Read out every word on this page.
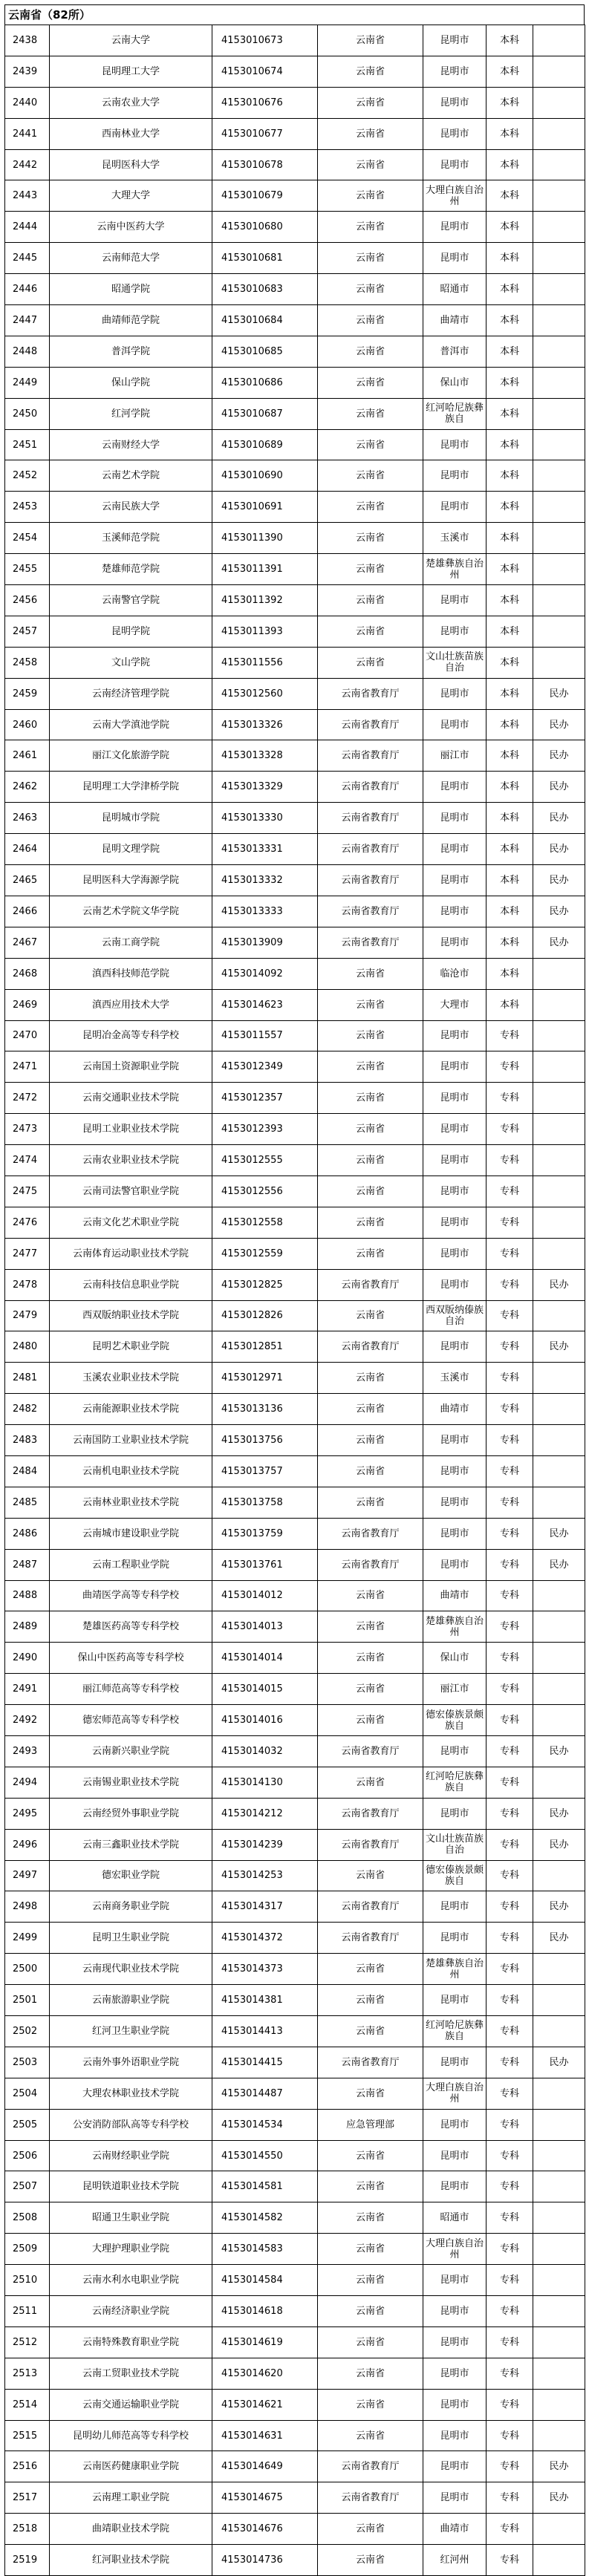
云南省（82所）
2438	云南大学	4153010673	云南省	昆明市	本科	
2439	昆明理工大学	4153010674	云南省	昆明市	本科	
2440	云南农业大学	4153010676	云南省	昆明市	本科	
2441	西南林业大学	4153010677	云南省	昆明市	本科	
2442	昆明医科大学	4153010678	云南省	昆明市	本科	
2443	大理大学	4153010679	云南省	大理白族自治州	本科	
2444	云南中医药大学	4153010680	云南省	昆明市	本科	
2445	云南师范大学	4153010681	云南省	昆明市	本科	
2446	昭通学院	4153010683	云南省	昭通市	本科	
2447	曲靖师范学院	4153010684	云南省	曲靖市	本科	
2448	普洱学院	4153010685	云南省	普洱市	本科	
2449	保山学院	4153010686	云南省	保山市	本科	
2450	红河学院	4153010687	云南省	红河哈尼族彝族自	本科	
2451	云南财经大学	4153010689	云南省	昆明市	本科	
2452	云南艺术学院	4153010690	云南省	昆明市	本科	
2453	云南民族大学	4153010691	云南省	昆明市	本科	
2454	玉溪师范学院	4153011390	云南省	玉溪市	本科	
2455	楚雄师范学院	4153011391	云南省	楚雄彝族自治州	本科	
2456	云南警官学院	4153011392	云南省	昆明市	本科	
2457	昆明学院	4153011393	云南省	昆明市	本科	
2458	文山学院	4153011556	云南省	文山壮族苗族自治	本科	
2459	云南经济管理学院	4153012560	云南省教育厅	昆明市	本科	民办
2460	云南大学滇池学院	4153013326	云南省教育厅	昆明市	本科	民办
2461	丽江文化旅游学院	4153013328	云南省教育厅	丽江市	本科	民办
2462	昆明理工大学津桥学院	4153013329	云南省教育厅	昆明市	本科	民办
2463	昆明城市学院	4153013330	云南省教育厅	昆明市	本科	民办
2464	昆明文理学院	4153013331	云南省教育厅	昆明市	本科	民办
2465	昆明医科大学海源学院	4153013332	云南省教育厅	昆明市	本科	民办
2466	云南艺术学院文华学院	4153013333	云南省教育厅	昆明市	本科	民办
2467	云南工商学院	4153013909	云南省教育厅	昆明市	本科	民办
2468	滇西科技师范学院	4153014092	云南省	临沧市	本科	
2469	滇西应用技术大学	4153014623	云南省	大理市	本科	
2470	昆明冶金高等专科学校	4153011557	云南省	昆明市	专科	
2471	云南国土资源职业学院	4153012349	云南省	昆明市	专科	
2472	云南交通职业技术学院	4153012357	云南省	昆明市	专科	
2473	昆明工业职业技术学院	4153012393	云南省	昆明市	专科	
2474	云南农业职业技术学院	4153012555	云南省	昆明市	专科	
2475	云南司法警官职业学院	4153012556	云南省	昆明市	专科	
2476	云南文化艺术职业学院	4153012558	云南省	昆明市	专科	
2477	云南体育运动职业技术学院	4153012559	云南省	昆明市	专科	
2478	云南科技信息职业学院	4153012825	云南省教育厅	昆明市	专科	民办
2479	西双版纳职业技术学院	4153012826	云南省	西双版纳傣族自治	专科	
2480	昆明艺术职业学院	4153012851	云南省教育厅	昆明市	专科	民办
2481	玉溪农业职业技术学院	4153012971	云南省	玉溪市	专科	
2482	云南能源职业技术学院	4153013136	云南省	曲靖市	专科	
2483	云南国防工业职业技术学院	4153013756	云南省	昆明市	专科	
2484	云南机电职业技术学院	4153013757	云南省	昆明市	专科	
2485	云南林业职业技术学院	4153013758	云南省	昆明市	专科	
2486	云南城市建设职业学院	4153013759	云南省教育厅	昆明市	专科	民办
2487	云南工程职业学院	4153013761	云南省教育厅	昆明市	专科	民办
2488	曲靖医学高等专科学校	4153014012	云南省	曲靖市	专科	
2489	楚雄医药高等专科学校	4153014013	云南省	楚雄彝族自治州	专科	
2490	保山中医药高等专科学校	4153014014	云南省	保山市	专科	
2491	丽江师范高等专科学校	4153014015	云南省	丽江市	专科	
2492	德宏师范高等专科学校	4153014016	云南省	德宏傣族景颇族自	专科	
2493	云南新兴职业学院	4153014032	云南省教育厅	昆明市	专科	民办
2494	云南锡业职业技术学院	4153014130	云南省	红河哈尼族彝族自	专科	
2495	云南经贸外事职业学院	4153014212	云南省教育厅	昆明市	专科	民办
2496	云南三鑫职业技术学院	4153014239	云南省教育厅	文山壮族苗族自治	专科	民办
2497	德宏职业学院	4153014253	云南省	德宏傣族景颇族自	专科	
2498	云南商务职业学院	4153014317	云南省教育厅	昆明市	专科	民办
2499	昆明卫生职业学院	4153014372	云南省教育厅	昆明市	专科	民办
2500	云南现代职业技术学院	4153014373	云南省	楚雄彝族自治州	专科	
2501	云南旅游职业学院	4153014381	云南省	昆明市	专科	
2502	红河卫生职业学院	4153014413	云南省	红河哈尼族彝族自	专科	
2503	云南外事外语职业学院	4153014415	云南省教育厅	昆明市	专科	民办
2504	大理农林职业技术学院	4153014487	云南省	大理白族自治州	专科	
2505	公安消防部队高等专科学校	4153014534	应急管理部	昆明市	专科	
2506	云南财经职业学院	4153014550	云南省	昆明市	专科	
2507	昆明铁道职业技术学院	4153014581	云南省	昆明市	专科	
2508	昭通卫生职业学院	4153014582	云南省	昭通市	专科	
2509	大理护理职业学院	4153014583	云南省	大理白族自治州	专科	
2510	云南水利水电职业学院	4153014584	云南省	昆明市	专科	
2511	云南经济职业学院	4153014618	云南省	昆明市	专科	
2512	云南特殊教育职业学院	4153014619	云南省	昆明市	专科	
2513	云南工贸职业技术学院	4153014620	云南省	昆明市	专科	
2514	云南交通运输职业学院	4153014621	云南省	昆明市	专科	
2515	昆明幼儿师范高等专科学校	4153014631	云南省	昆明市	专科	
2516	云南医药健康职业学院	4153014649	云南省教育厅	昆明市	专科	民办
2517	云南理工职业学院	4153014675	云南省教育厅	昆明市	专科	民办
2518	曲靖职业技术学院	4153014676	云南省	曲靖市	专科	
2519	红河职业技术学院	4153014736	云南省	红河州	专科	
